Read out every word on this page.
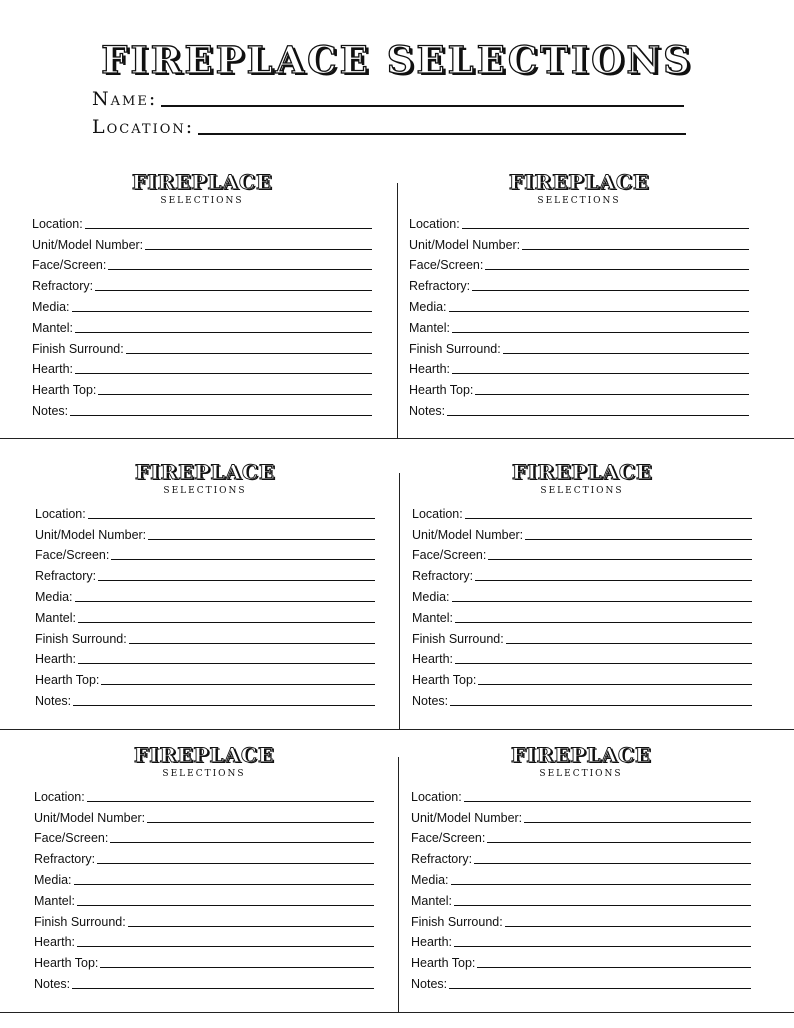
FIREPLACE SELECTIONS
Name:
Location:
FIREPLACE
SELECTIONS
Location:
Unit/Model Number:
Face/Screen:
Refractory:
Media:
Mantel:
Finish Surround:
Hearth:
Hearth Top:
Notes:
FIREPLACE
SELECTIONS
Location:
Unit/Model Number:
Face/Screen:
Refractory:
Media:
Mantel:
Finish Surround:
Hearth:
Hearth Top:
Notes:
FIREPLACE
SELECTIONS
Location:
Unit/Model Number:
Face/Screen:
Refractory:
Media:
Mantel:
Finish Surround:
Hearth:
Hearth Top:
Notes:
FIREPLACE
SELECTIONS
Location:
Unit/Model Number:
Face/Screen:
Refractory:
Media:
Mantel:
Finish Surround:
Hearth:
Hearth Top:
Notes:
FIREPLACE
SELECTIONS
Location:
Unit/Model Number:
Face/Screen:
Refractory:
Media:
Mantel:
Finish Surround:
Hearth:
Hearth Top:
Notes:
FIREPLACE
SELECTIONS
Location:
Unit/Model Number:
Face/Screen:
Refractory:
Media:
Mantel:
Finish Surround:
Hearth:
Hearth Top:
Notes:
